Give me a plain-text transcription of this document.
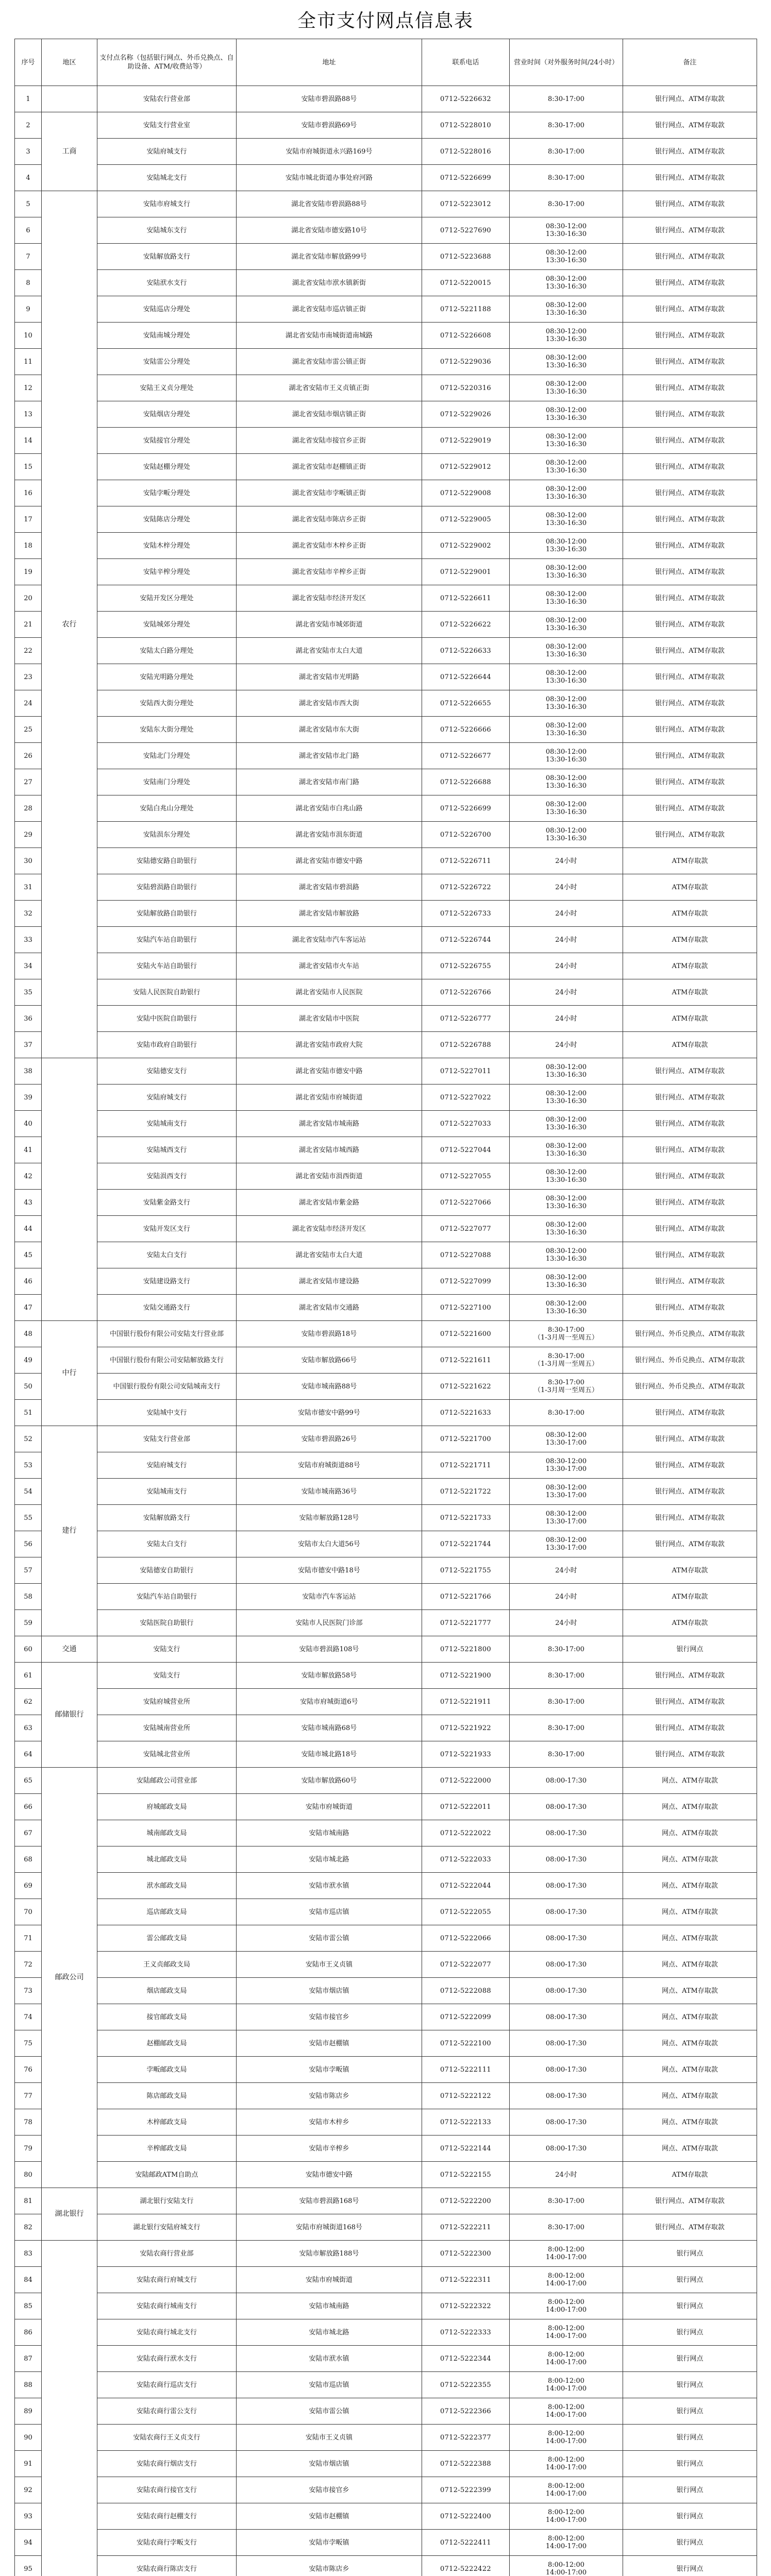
全市支付网点信息表
序号	地区	支付点名称（包括银行网点、外币兑换点、自助设备、ATM/收费站等）	地址	联系电话	营业时间（对外服务时间/24小时）	备注
1		安陆农行营业部	安陆市碧涢路88号	0712-5226632	8:30-17:00	银行网点、ATM存取款
2	工商	安陆支行营业室	安陆市碧涢路69号	0712-5228010	8:30-17:00	银行网点、ATM存取款
3		安陆府城支行	安陆市府城街道永兴路169号	0712-5228016	8:30-17:00	银行网点、ATM存取款
4		安陆城北支行	安陆市城北街道办事处府河路	0712-5226699	8:30-17:00	银行网点、ATM存取款
5	农行	安陆市府城支行	湖北省安陆市碧涢路88号	0712-5223012	8:30-17:00	银行网点、ATM存取款
6		安陆城东支行	湖北省安陆市德安路10号	0712-5227690	08:30-12:00
13:30-16:30	银行网点、ATM存取款
7		安陆解放路支行	湖北省安陆市解放路99号	0712-5223688	08:30-12:00
13:30-16:30	银行网点、ATM存取款
8		安陆洑水支行	湖北省安陆市洑水镇新街	0712-5220015	08:30-12:00
13:30-16:30	银行网点、ATM存取款
9		安陆巡店分理处	湖北省安陆市巡店镇正街	0712-5221188	08:30-12:00
13:30-16:30	银行网点、ATM存取款
10		安陆南城分理处	湖北省安陆市南城街道南城路	0712-5226608	08:30-12:00
13:30-16:30	银行网点、ATM存取款
11		安陆雷公分理处	湖北省安陆市雷公镇正街	0712-5229036	08:30-12:00
13:30-16:30	银行网点、ATM存取款
12		安陆王义贞分理处	湖北省安陆市王义贞镇正街	0712-5220316	08:30-12:00
13:30-16:30	银行网点、ATM存取款
13		安陆烟店分理处	湖北省安陆市烟店镇正街	0712-5229026	08:30-12:00
13:30-16:30	银行网点、ATM存取款
14		安陆接官分理处	湖北省安陆市接官乡正街	0712-5229019	08:30-12:00
13:30-16:30	银行网点、ATM存取款
15		安陆赵棚分理处	湖北省安陆市赵棚镇正街	0712-5229012	08:30-12:00
13:30-16:30	银行网点、ATM存取款
16		安陆孛畈分理处	湖北省安陆市孛畈镇正街	0712-5229008	08:30-12:00
13:30-16:30	银行网点、ATM存取款
17		安陆陈店分理处	湖北省安陆市陈店乡正街	0712-5229005	08:30-12:00
13:30-16:30	银行网点、ATM存取款
18		安陆木梓分理处	湖北省安陆市木梓乡正街	0712-5229002	08:30-12:00
13:30-16:30	银行网点、ATM存取款
19		安陆辛榨分理处	湖北省安陆市辛榨乡正街	0712-5229001	08:30-12:00
13:30-16:30	银行网点、ATM存取款
20		安陆开发区分理处	湖北省安陆市经济开发区	0712-5226611	08:30-12:00
13:30-16:30	银行网点、ATM存取款
21		安陆城郊分理处	湖北省安陆市城郊街道	0712-5226622	08:30-12:00
13:30-16:30	银行网点、ATM存取款
22		安陆太白路分理处	湖北省安陆市太白大道	0712-5226633	08:30-12:00
13:30-16:30	银行网点、ATM存取款
23		安陆光明路分理处	湖北省安陆市光明路	0712-5226644	08:30-12:00
13:30-16:30	银行网点、ATM存取款
24		安陆西大街分理处	湖北省安陆市西大街	0712-5226655	08:30-12:00
13:30-16:30	银行网点、ATM存取款
25		安陆东大街分理处	湖北省安陆市东大街	0712-5226666	08:30-12:00
13:30-16:30	银行网点、ATM存取款
26		安陆北门分理处	湖北省安陆市北门路	0712-5226677	08:30-12:00
13:30-16:30	银行网点、ATM存取款
27		安陆南门分理处	湖北省安陆市南门路	0712-5226688	08:30-12:00
13:30-16:30	银行网点、ATM存取款
28		安陆白兆山分理处	湖北省安陆市白兆山路	0712-5226699	08:30-12:00
13:30-16:30	银行网点、ATM存取款
29		安陆涢东分理处	湖北省安陆市涢东街道	0712-5226700	08:30-12:00
13:30-16:30	银行网点、ATM存取款
30		安陆德安路自助银行	湖北省安陆市德安中路	0712-5226711	24小时	ATM存取款
31		安陆碧涢路自助银行	湖北省安陆市碧涢路	0712-5226722	24小时	ATM存取款
32		安陆解放路自助银行	湖北省安陆市解放路	0712-5226733	24小时	ATM存取款
33		安陆汽车站自助银行	湖北省安陆市汽车客运站	0712-5226744	24小时	ATM存取款
34		安陆火车站自助银行	湖北省安陆市火车站	0712-5226755	24小时	ATM存取款
35		安陆人民医院自助银行	湖北省安陆市人民医院	0712-5226766	24小时	ATM存取款
36		安陆中医院自助银行	湖北省安陆市中医院	0712-5226777	24小时	ATM存取款
37		安陆市政府自助银行	湖北省安陆市政府大院	0712-5226788	24小时	ATM存取款
38		安陆德安支行	湖北省安陆市德安中路	0712-5227011	08:30-12:00
13:30-16:30	银行网点、ATM存取款
39		安陆府城支行	湖北省安陆市府城街道	0712-5227022	08:30-12:00
13:30-16:30	银行网点、ATM存取款
40		安陆城南支行	湖北省安陆市城南路	0712-5227033	08:30-12:00
13:30-16:30	银行网点、ATM存取款
41		安陆城西支行	湖北省安陆市城西路	0712-5227044	08:30-12:00
13:30-16:30	银行网点、ATM存取款
42		安陆涢西支行	湖北省安陆市涢西街道	0712-5227055	08:30-12:00
13:30-16:30	银行网点、ATM存取款
43		安陆紫金路支行	湖北省安陆市紫金路	0712-5227066	08:30-12:00
13:30-16:30	银行网点、ATM存取款
44		安陆开发区支行	湖北省安陆市经济开发区	0712-5227077	08:30-12:00
13:30-16:30	银行网点、ATM存取款
45		安陆太白支行	湖北省安陆市太白大道	0712-5227088	08:30-12:00
13:30-16:30	银行网点、ATM存取款
46		安陆建设路支行	湖北省安陆市建设路	0712-5227099	08:30-12:00
13:30-16:30	银行网点、ATM存取款
47		安陆交通路支行	湖北省安陆市交通路	0712-5227100	08:30-12:00
13:30-16:30	银行网点、ATM存取款
48	中行	中国银行股份有限公司安陆支行营业部	安陆市碧涢路18号	0712-5221600	8:30-17:00
（1-3月周一至周五）	银行网点、外币兑换点、ATM存取款
49		中国银行股份有限公司安陆解放路支行	安陆市解放路66号	0712-5221611	8:30-17:00
（1-3月周一至周五）	银行网点、外币兑换点、ATM存取款
50		中国银行股份有限公司安陆城南支行	安陆市城南路88号	0712-5221622	8:30-17:00
（1-3月周一至周五）	银行网点、外币兑换点、ATM存取款
51		安陆城中支行	安陆市德安中路99号	0712-5221633	8:30-17:00	银行网点、ATM存取款
52	建行	安陆支行营业部	安陆市碧涢路26号	0712-5221700	08:30-12:00
13:30-17:00	银行网点、ATM存取款
53		安陆府城支行	安陆市府城街道88号	0712-5221711	08:30-12:00
13:30-17:00	银行网点、ATM存取款
54		安陆城南支行	安陆市城南路36号	0712-5221722	08:30-12:00
13:30-17:00	银行网点、ATM存取款
55		安陆解放路支行	安陆市解放路128号	0712-5221733	08:30-12:00
13:30-17:00	银行网点、ATM存取款
56		安陆太白支行	安陆市太白大道56号	0712-5221744	08:30-12:00
13:30-17:00	银行网点、ATM存取款
57		安陆德安自助银行	安陆市德安中路18号	0712-5221755	24小时	ATM存取款
58		安陆汽车站自助银行	安陆市汽车客运站	0712-5221766	24小时	ATM存取款
59		安陆医院自助银行	安陆市人民医院门诊部	0712-5221777	24小时	ATM存取款
60	交通	安陆支行	安陆市碧涢路108号	0712-5221800	8:30-17:00	银行网点
61	邮储银行	安陆支行	安陆市解放路58号	0712-5221900	8:30-17:00	银行网点、ATM存取款
62		安陆府城营业所	安陆市府城街道6号	0712-5221911	8:30-17:00	银行网点、ATM存取款
63		安陆城南营业所	安陆市城南路68号	0712-5221922	8:30-17:00	银行网点、ATM存取款
64		安陆城北营业所	安陆市城北路18号	0712-5221933	8:30-17:00	银行网点、ATM存取款
65	邮政公司	安陆邮政公司营业部	安陆市解放路60号	0712-5222000	08:00-17:30	网点、ATM存取款
66		府城邮政支局	安陆市府城街道	0712-5222011	08:00-17:30	网点、ATM存取款
67		城南邮政支局	安陆市城南路	0712-5222022	08:00-17:30	网点、ATM存取款
68		城北邮政支局	安陆市城北路	0712-5222033	08:00-17:30	网点、ATM存取款
69		洑水邮政支局	安陆市洑水镇	0712-5222044	08:00-17:30	网点、ATM存取款
70		巡店邮政支局	安陆市巡店镇	0712-5222055	08:00-17:30	网点、ATM存取款
71		雷公邮政支局	安陆市雷公镇	0712-5222066	08:00-17:30	网点、ATM存取款
72		王义贞邮政支局	安陆市王义贞镇	0712-5222077	08:00-17:30	网点、ATM存取款
73		烟店邮政支局	安陆市烟店镇	0712-5222088	08:00-17:30	网点、ATM存取款
74		接官邮政支局	安陆市接官乡	0712-5222099	08:00-17:30	网点、ATM存取款
75		赵棚邮政支局	安陆市赵棚镇	0712-5222100	08:00-17:30	网点、ATM存取款
76		孛畈邮政支局	安陆市孛畈镇	0712-5222111	08:00-17:30	网点、ATM存取款
77		陈店邮政支局	安陆市陈店乡	0712-5222122	08:00-17:30	网点、ATM存取款
78		木梓邮政支局	安陆市木梓乡	0712-5222133	08:00-17:30	网点、ATM存取款
79		辛榨邮政支局	安陆市辛榨乡	0712-5222144	08:00-17:30	网点、ATM存取款
80		安陆邮政ATM自助点	安陆市德安中路	0712-5222155	24小时	ATM存取款
81	湖北银行	湖北银行安陆支行	安陆市碧涢路168号	0712-5222200	8:30-17:00	银行网点、ATM存取款
82		湖北银行安陆府城支行	安陆市府城街道168号	0712-5222211	8:30-17:00	银行网点、ATM存取款
83		安陆农商行营业部	安陆市解放路188号	0712-5222300	8:00-12:00
14:00-17:00	银行网点
84		安陆农商行府城支行	安陆市府城街道	0712-5222311	8:00-12:00
14:00-17:00	银行网点
85		安陆农商行城南支行	安陆市城南路	0712-5222322	8:00-12:00
14:00-17:00	银行网点
86		安陆农商行城北支行	安陆市城北路	0712-5222333	8:00-12:00
14:00-17:00	银行网点
87		安陆农商行洑水支行	安陆市洑水镇	0712-5222344	8:00-12:00
14:00-17:00	银行网点
88		安陆农商行巡店支行	安陆市巡店镇	0712-5222355	8:00-12:00
14:00-17:00	银行网点
89		安陆农商行雷公支行	安陆市雷公镇	0712-5222366	8:00-12:00
14:00-17:00	银行网点
90		安陆农商行王义贞支行	安陆市王义贞镇	0712-5222377	8:00-12:00
14:00-17:00	银行网点
91		安陆农商行烟店支行	安陆市烟店镇	0712-5222388	8:00-12:00
14:00-17:00	银行网点
92		安陆农商行接官支行	安陆市接官乡	0712-5222399	8:00-12:00
14:00-17:00	银行网点
93		安陆农商行赵棚支行	安陆市赵棚镇	0712-5222400	8:00-12:00
14:00-17:00	银行网点
94		安陆农商行孛畈支行	安陆市孛畈镇	0712-5222411	8:00-12:00
14:00-17:00	银行网点
95		安陆农商行陈店支行	安陆市陈店乡	0712-5222422	8:00-12:00
14:00-17:00	银行网点
